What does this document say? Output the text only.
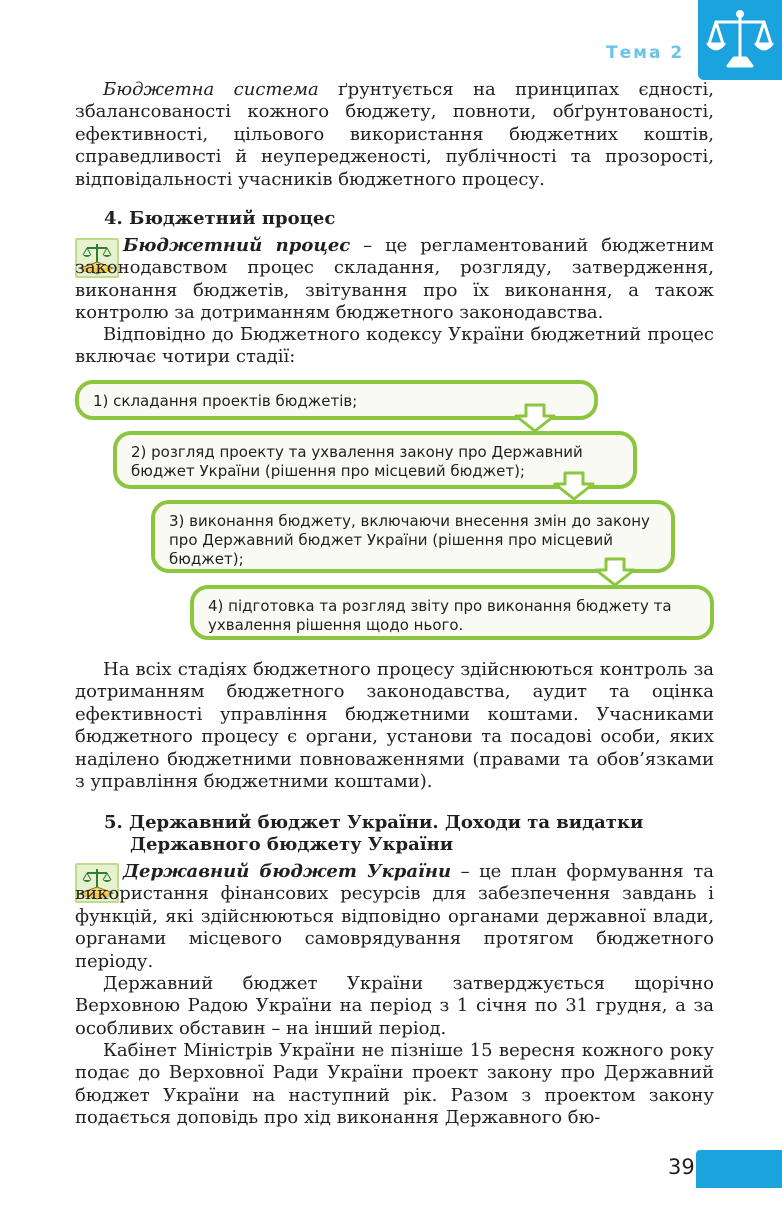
Тема 2

Бюджетна система ґрунтується на принципах єдності, збалансованості кожного бюджету, повноти, обґрунтованості, ефективності, цільового використання бюджетних коштів, справедливості й неупередженості, публічності та прозорості, відповідальності учасників бюджетного процесу.

4. Бюджетний процес

Бюджетний процес – це регламентований бюджетним законодавством процес складання, розгляду, затвердження, виконання бюджетів, звітування про їх виконання, а також контролю за дотриманням бюджетного законодавства.

Відповідно до Бюджетного кодексу України бюджетний процес включає чотири стадії:

1) складання проектів бюджетів;
2) розгляд проекту та ухвалення закону про Державний бюджет України (рішення про місцевий бюджет);
3) виконання бюджету, включаючи внесення змін до закону про Державний бюджет України (рішення про місцевий бюджет);
4) підготовка та розгляд звіту про виконання бюджету та ухвалення рішення щодо нього.

На всіх стадіях бюджетного процесу здійснюються контроль за дотриманням бюджетного законодавства, аудит та оцінка ефективності управління бюджетними коштами. Учасниками бюджетного процесу є органи, установи та посадові особи, яких наділено бюджетними повноваженнями (правами та обов’язками з управління бюджетними коштами).

5. Державний бюджет України. Доходи та видатки
Державного бюджету України

Державний бюджет України – це план формування та використання фінансових ресурсів для забезпечення завдань і функцій, які здійснюються відповідно органами державної влади, органами місцевого самоврядування протягом бюджетного періоду.

Державний бюджет України затверджується щорічно Верховною Радою України на період з 1 січня по 31 грудня, а за особливих обставин – на інший період.

Кабінет Міністрів України не пізніше 15 вересня кожного року подає до Верховної Ради України проект закону про Державний бюджет України на наступний рік. Разом з проектом закону подається доповідь про хід виконання Державного бю-

39
